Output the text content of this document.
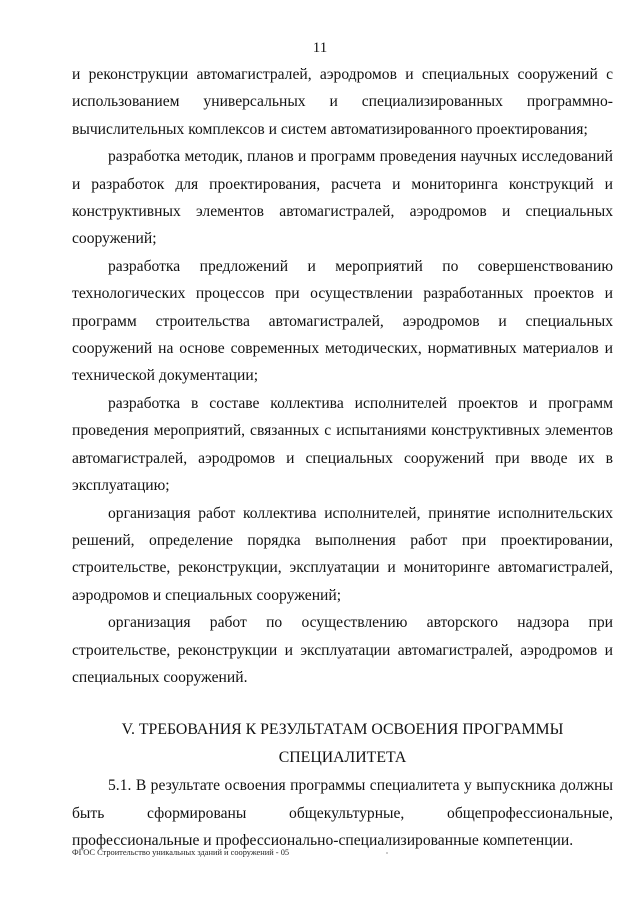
11

и реконструкции автомагистралей, аэродромов и специальных сооружений с использованием универсальных и специализированных программно-вычислительных комплексов и систем автоматизированного проектирования;

разработка методик, планов и программ проведения научных исследований и разработок для проектирования, расчета и мониторинга конструкций и конструктивных элементов автомагистралей, аэродромов и специальных сооружений;

разработка предложений и мероприятий по совершенствованию технологических процессов при осуществлении разработанных проектов и программ строительства автомагистралей, аэродромов и специальных сооружений на основе современных методических, нормативных материалов и технической документации;

разработка в составе коллектива исполнителей проектов и программ проведения мероприятий, связанных с испытаниями конструктивных элементов автомагистралей, аэродромов и специальных сооружений при вводе их в эксплуатацию;

организация работ коллектива исполнителей, принятие исполнительских решений, определение порядка выполнения работ при проектировании, строительстве, реконструкции, эксплуатации и мониторинге автомагистралей, аэродромов и специальных сооружений;

организация работ по осуществлению авторского надзора при строительстве, реконструкции и эксплуатации автомагистралей, аэродромов и специальных сооружений.

V. ТРЕБОВАНИЯ К РЕЗУЛЬТАТАМ ОСВОЕНИЯ ПРОГРАММЫ
СПЕЦИАЛИТЕТА

5.1. В результате освоения программы специалитета у выпускника должны быть сформированы общекультурные, общепрофессиональные, профессиональные и профессионально-специализированные компетенции.

ФГОС Строительство уникальных зданий и сооружений - 05
